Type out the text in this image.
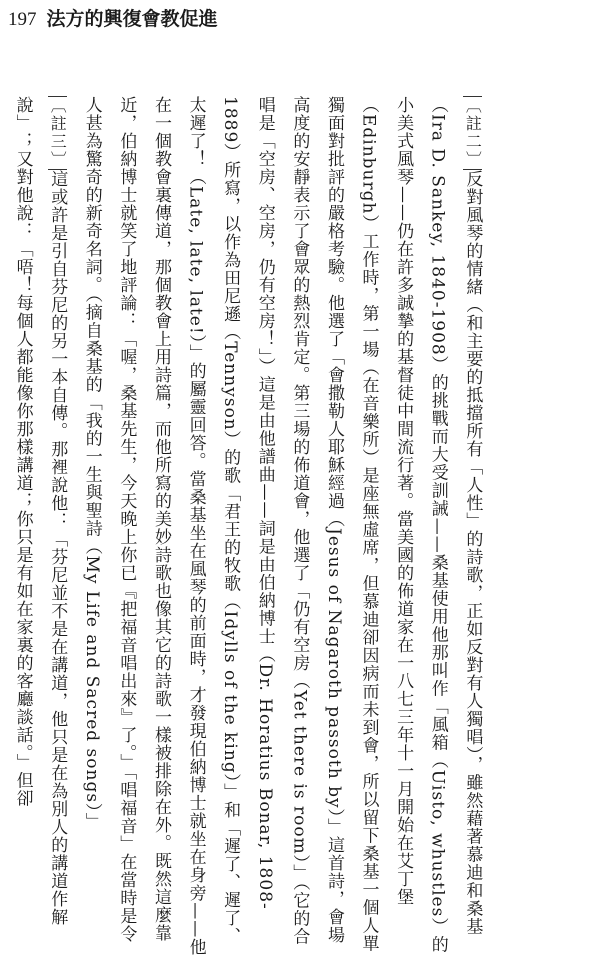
197 法方的興復會教促進
〔註二〕反對風琴的情緒（和主要的抵擋所有「人性」的詩歌，正如反對有人獨唱），雖然藉著慕迪和桑基（Ira D. Sankey, 1840-1908）的挑戰而大受訓誡——桑基使用他那叫作「風箱（Uisto, whustles）的小美式風琴——仍在許多誠摯的基督徒中間流行著。當美國的佈道家在一八七三年十一月開始在艾丁堡（Edinburgh）工作時，第一場（在音樂所）是座無虛席，但慕迪卻因病而未到會，所以留下桑基一個人單獨面對批評的嚴格考驗。他選了「會撒勒人耶穌經過（Jesus of Nagaroth passoth by）」這首詩，會場高度的安靜表示了會眾的熱烈肯定。第三場的佈道會，他選了「仍有空房（Yet there is room）」（它的合唱是「空房、空房，仍有空房！」）這是由他譜曲——詞是由伯納博士（Dr. Horatius Bonar, 1808-1889）所寫，以作為田尼遜（Tennyson）的歌「君王的牧歌（Idylls of the king）」和「遲了、遲了、太遲了！（Late, late, late!）」的屬靈回答。當桑基坐在風琴的前面時，才發現伯納博士就坐在身旁——他在一個教會裏傳道，那個教會上用詩篇，而他所寫的美妙詩歌也像其它的詩歌一樣被排除在外。既然這麼靠近，伯納博士就笑了地評論：「喔，桑基先生，今天晚上你已『把福音唱出來』了。」「唱福音」在當時是令人甚為驚奇的新奇名詞。（摘自桑基的「我的一生與聖詩（My Life and Sacred songs）」
〔註三〕這或許是引自芬尼的另一本自傳。那裡說他：「芬尼並不是在講道，他只是在為別人的講道作解說」；又對他說：「唔！每個人都能像你那樣講道；你只是有如在家裏的客廳談話。」但卻
